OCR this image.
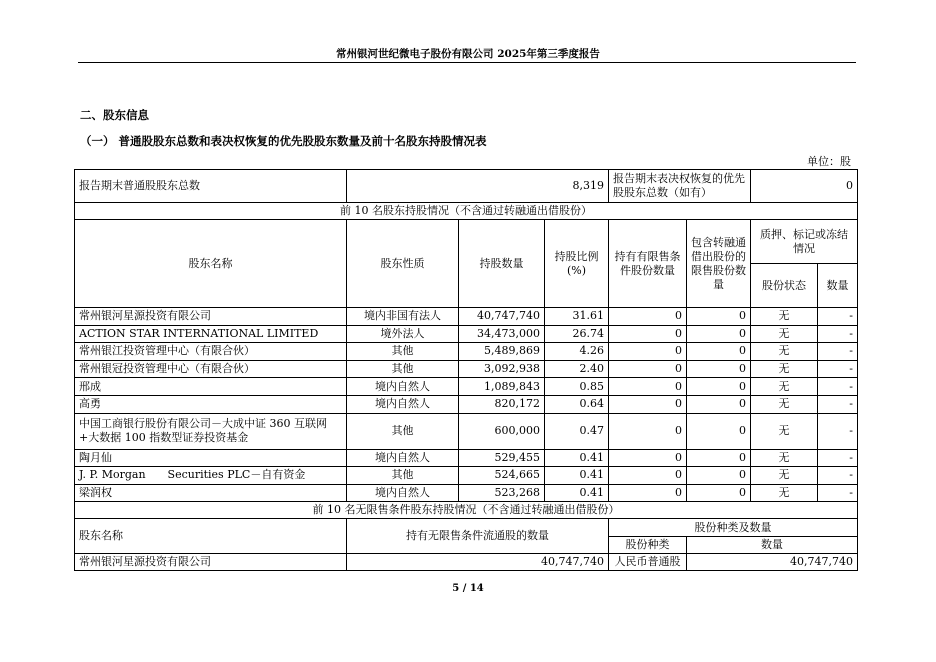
常州银河世纪微电子股份有限公司 2025年第三季度报告
二、股东信息
（一） 普通股股东总数和表决权恢复的优先股股东数量及前十名股东持股情况表
单位：股
报告期末普通股股东总数	8,319			报告期末表决权恢复的优先股股东总数（如有）		0	
前 10 名股东持股情况（不含通过转融通出借股份）							
股东名称	股东性质	持股数量	持股比例(%)	持有有限售条件股份数量	包含转融通借出股份的限售股份数量	质押、标记或冻结情况	
						股份状态	数量
常州银河星源投资有限公司	境内非国有法人	40,747,740	31.61	0	0	无	-
ACTION STAR INTERNATIONAL LIMITED	境外法人	34,473,000	26.74	0	0	无	-
常州银江投资管理中心（有限合伙）	其他	5,489,869	4.26	0	0	无	-
常州银冠投资管理中心（有限合伙）	其他	3,092,938	2.40	0	0	无	-
邢成	境内自然人	1,089,843	0.85	0	0	无	-
高勇	境内自然人	820,172	0.64	0	0	无	-
中国工商银行股份有限公司－大成中证 360 互联网+大数据 100 指数型证券投资基金	其他	600,000	0.47	0	0	无	-
陶月仙	境内自然人	529,455	0.41	0	0	无	-
J. P. Morgan　　Securities PLC－自有资金	其他	524,665	0.41	0	0	无	-
梁润权	境内自然人	523,268	0.41	0	0	无	-
前 10 名无限售条件股东持股情况（不含通过转融通出借股份）							
股东名称	持有无限售条件流通股的数量			股份种类及数量			
				股份种类	数量		
常州银河星源投资有限公司	40,747,740			人民币普通股	40,747,740		
5 / 14
